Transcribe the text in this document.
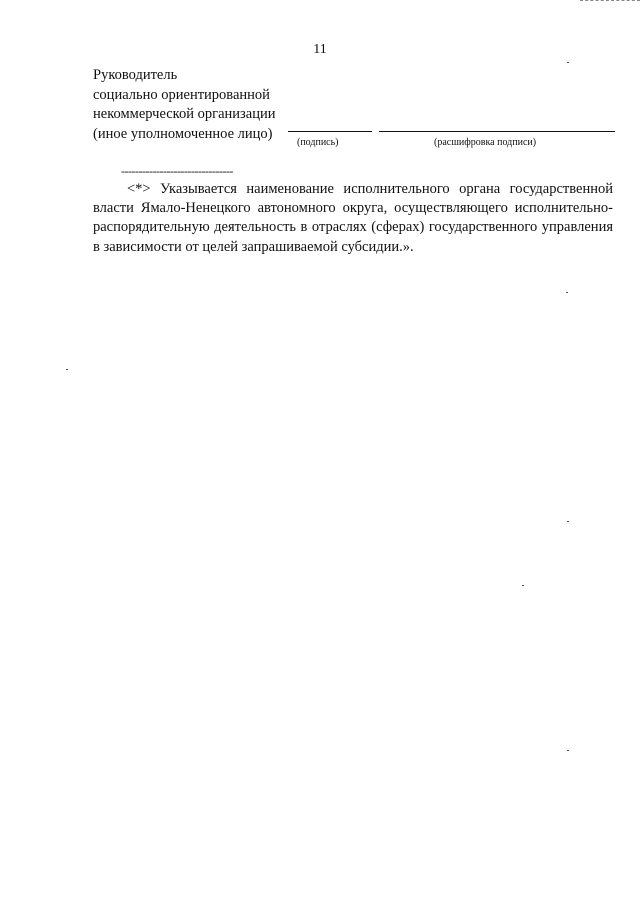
11
Руководитель
социально ориентированной
некоммерческой организации
(иное уполномоченное лицо)
(подпись)	(расшифровка подписи)
--------------------------------

<*> Указывается наименование исполнительного органа государственной власти Ямало-Ненецкого автономного округа, осуществляющего исполнительно-распорядительную деятельность в отраслях (сферах) государственного управления в зависимости от целей запрашиваемой субсидии.».
